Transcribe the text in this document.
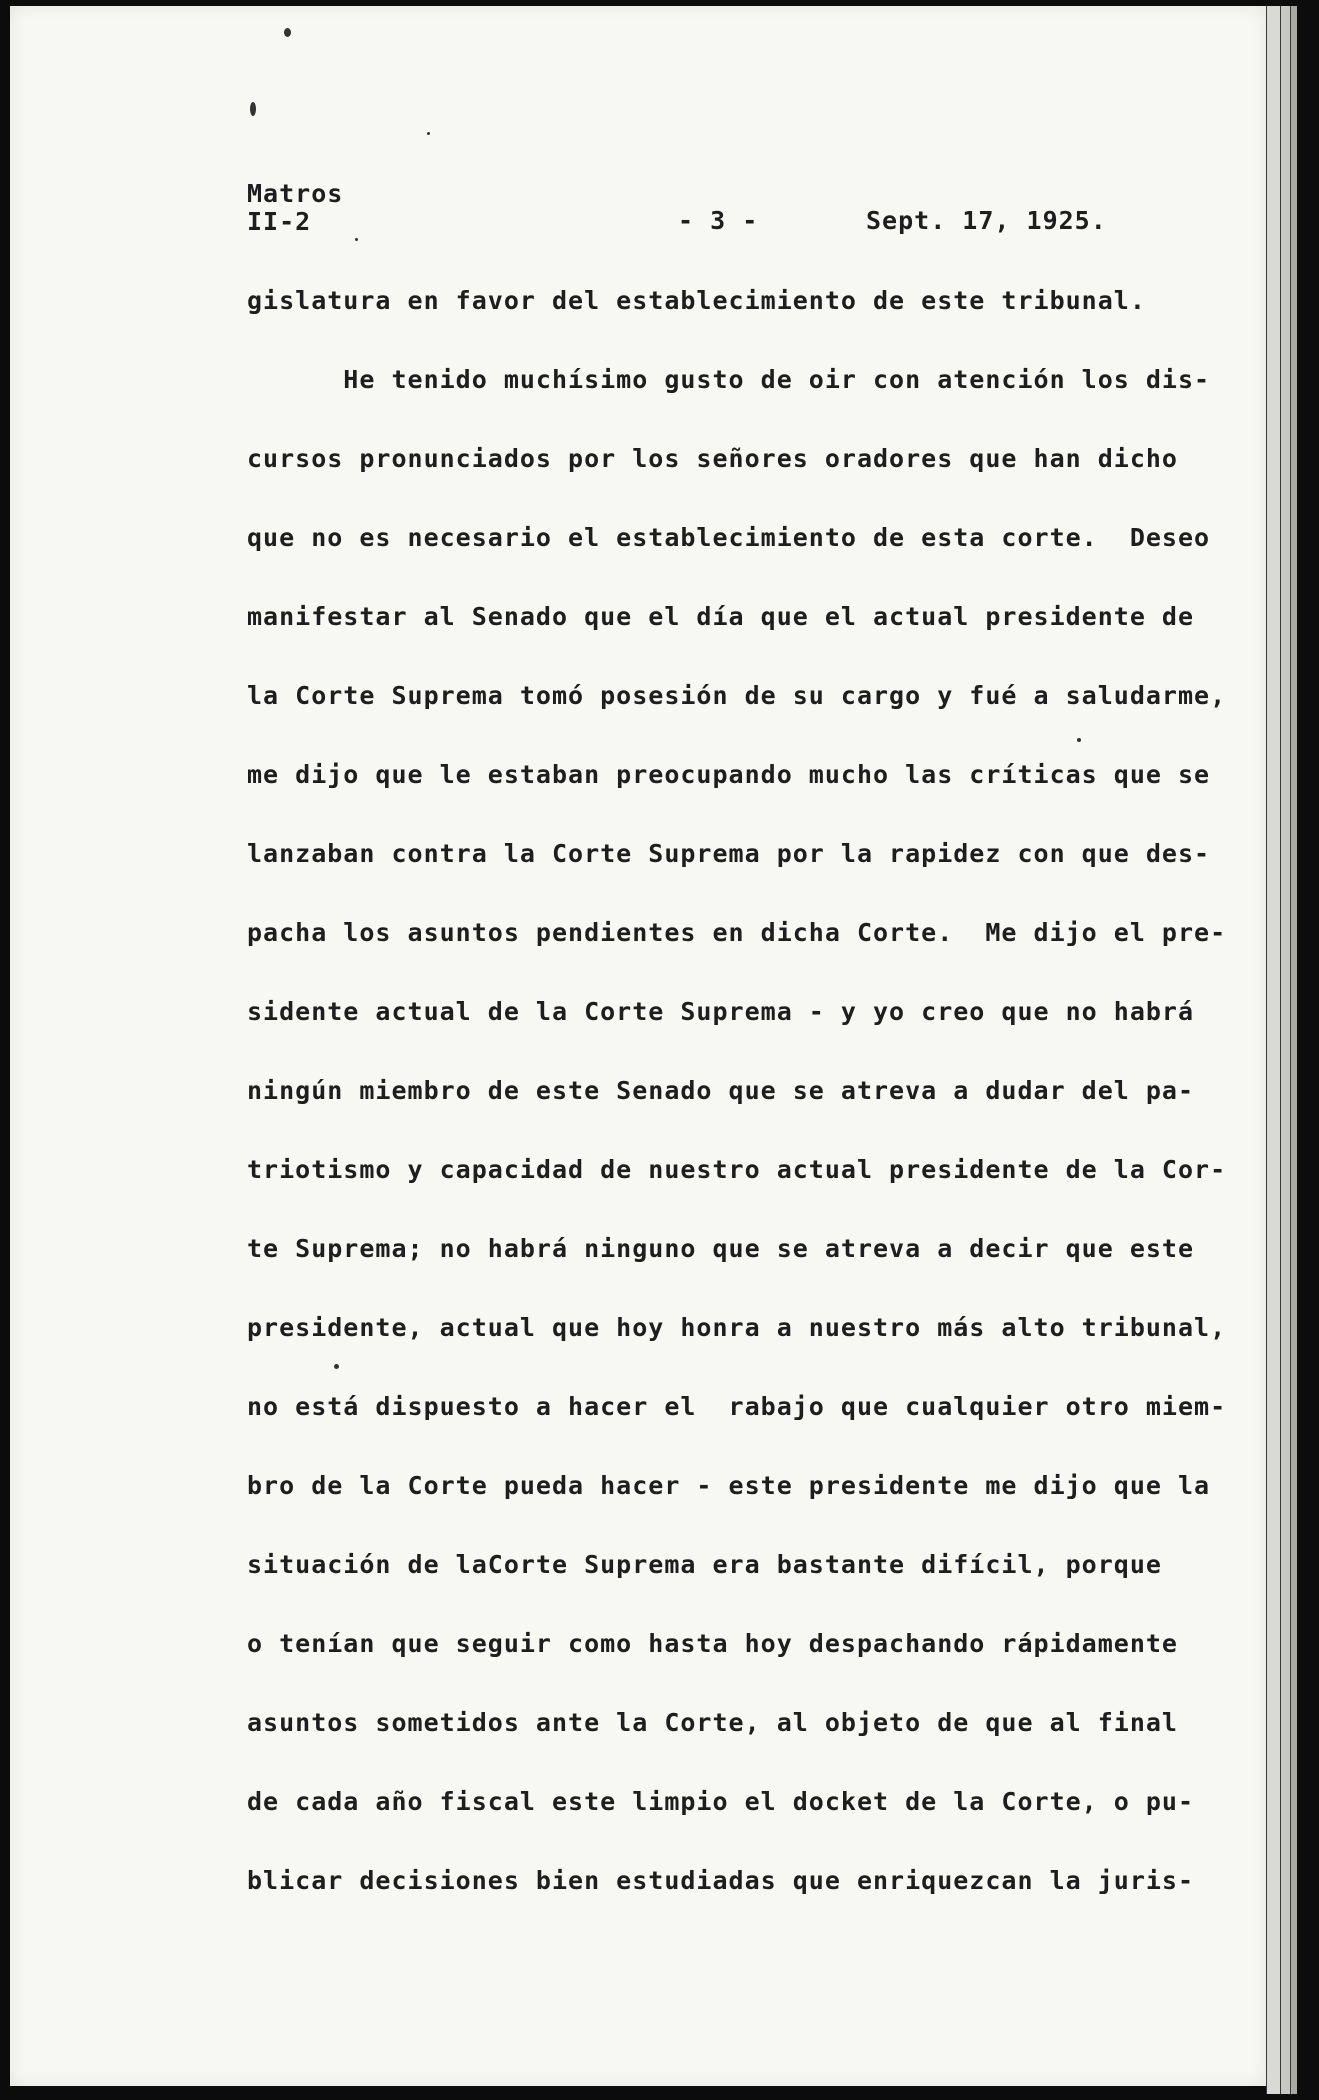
Matros
II-2	- 3 -	Sept. 17, 1925.
gislatura en favor del establecimiento de este tribunal.
He tenido muchísimo gusto de oir con atención los dis-
cursos pronunciados por los señores oradores que han dicho
que no es necesario el establecimiento de esta corte.  Deseo
manifestar al Senado que el día que el actual presidente de
la Corte Suprema tomó posesión de su cargo y fué a saludarme,
me dijo que le estaban preocupando mucho las críticas que se
lanzaban contra la Corte Suprema por la rapidez con que des-
pacha los asuntos pendientes en dicha Corte.  Me dijo el pre-
sidente actual de la Corte Suprema - y yo creo que no habrá
ningún miembro de este Senado que se atreva a dudar del pa-
triotismo y capacidad de nuestro actual presidente de la Cor-
te Suprema; no habrá ninguno que se atreva a decir que este
presidente, actual que hoy honra a nuestro más alto tribunal,
no está dispuesto a hacer el  rabajo que cualquier otro miem-
bro de la Corte pueda hacer - este presidente me dijo que la
situación de laCorte Suprema era bastante difícil, porque
o tenían que seguir como hasta hoy despachando rápidamente
asuntos sometidos ante la Corte, al objeto de que al final
de cada año fiscal este limpio el docket de la Corte, o pu-
blicar decisiones bien estudiadas que enriquezcan la juris-
